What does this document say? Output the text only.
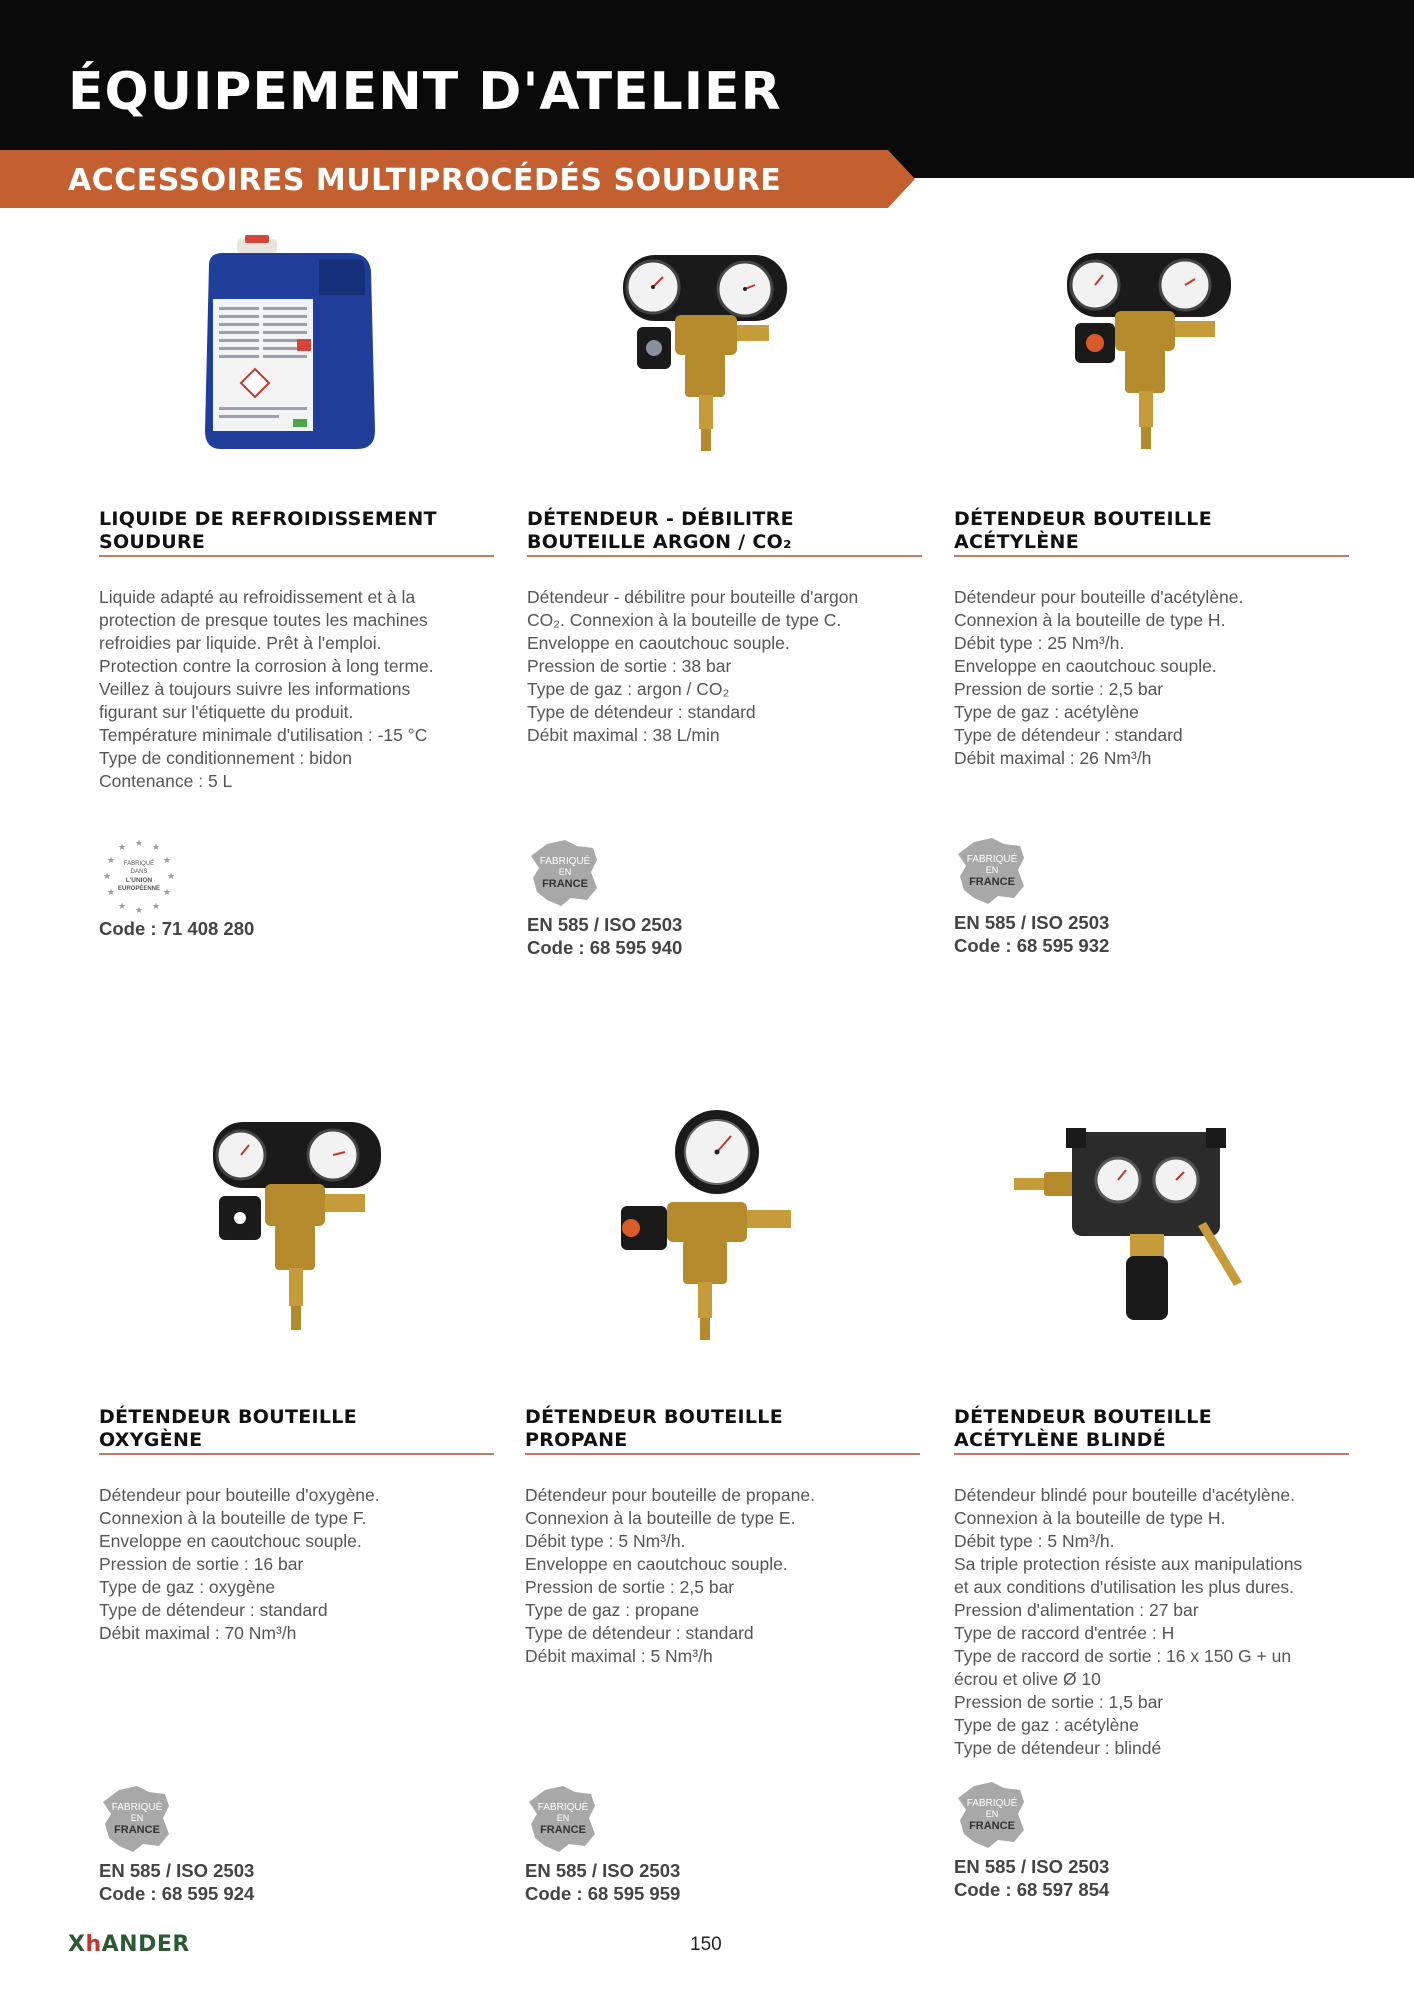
ÉQUIPEMENT D'ATELIER
ACCESSOIRES MULTIPROCÉDÉS SOUDURE
LIQUIDE DE REFROIDISSEMENT
SOUDURE
Liquide adapté au refroidissement et à la
protection de presque toutes les machines
refroidies par liquide. Prêt à l'emploi.
Protection contre la corrosion à long terme.
Veillez à toujours suivre les informations
figurant sur l'étiquette du produit.
Température minimale d'utilisation : -15 °C
Type de conditionnement : bidon
Contenance : 5 L
★ ★
★
★
★
★
★
★
★
★
★
★
FABRIQUÉ
DANS
L'UNION
EUROPÉENNE
Code : 71 408 280
DÉTENDEUR - DÉBILITRE
BOUTEILLE ARGON / CO₂
Détendeur - débilitre pour bouteille d'argon
CO₂. Connexion à la bouteille de type C.
Enveloppe en caoutchouc souple.
Pression de sortie : 38 bar
Type de gaz : argon / CO₂
Type de détendeur : standard
Débit maximal : 38 L/min
FABRIQUÉ
EN
FRANCE
EN 585 / ISO 2503
Code : 68 595 940
DÉTENDEUR BOUTEILLE
ACÉTYLÈNE
Détendeur pour bouteille d'acétylène.
Connexion à la bouteille de type H.
Débit type : 25 Nm³/h.
Enveloppe en caoutchouc souple.
Pression de sortie : 2,5 bar
Type de gaz : acétylène
Type de détendeur : standard
Débit maximal : 26 Nm³/h
FABRIQUÉ
EN
FRANCE
EN 585 / ISO 2503
Code : 68 595 932
DÉTENDEUR BOUTEILLE
OXYGÈNE
Détendeur pour bouteille d'oxygène.
Connexion à la bouteille de type F.
Enveloppe en caoutchouc souple.
Pression de sortie : 16 bar
Type de gaz : oxygène
Type de détendeur : standard
Débit maximal : 70 Nm³/h
FABRIQUÉ
EN
FRANCE
EN 585 / ISO 2503
Code : 68 595 924
DÉTENDEUR BOUTEILLE
PROPANE
Détendeur pour bouteille de propane.
Connexion à la bouteille de type E.
Débit type : 5 Nm³/h.
Enveloppe en caoutchouc souple.
Pression de sortie : 2,5 bar
Type de gaz : propane
Type de détendeur : standard
Débit maximal : 5 Nm³/h
FABRIQUÉ
EN
FRANCE
EN 585 / ISO 2503
Code : 68 595 959
DÉTENDEUR BOUTEILLE
ACÉTYLÈNE BLINDÉ
Détendeur blindé pour bouteille d'acétylène.
Connexion à la bouteille de type H.
Débit type : 5 Nm³/h.
Sa triple protection résiste aux manipulations
et aux conditions d'utilisation les plus dures.
Pression d'alimentation : 27 bar
Type de raccord d'entrée : H
Type de raccord de sortie : 16 x 150 G + un
écrou et olive Ø 10
Pression de sortie : 1,5 bar
Type de gaz : acétylène
Type de détendeur : blindé
FABRIQUÉ
EN
FRANCE
EN 585 / ISO 2503
Code : 68 597 854
XhANDER	150
